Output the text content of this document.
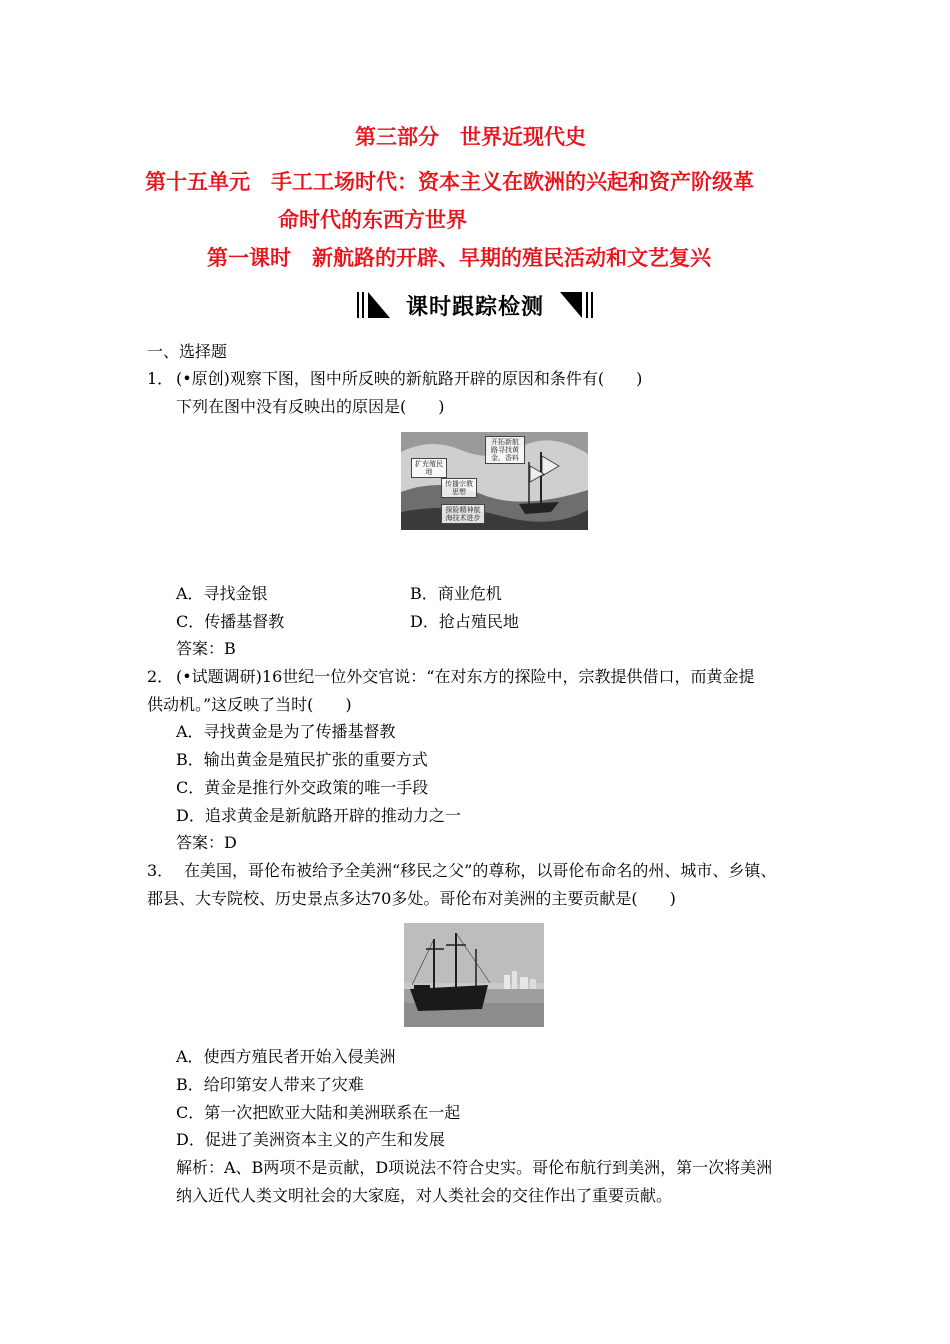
第三部分　世界近现代史
第十五单元　手工工场时代：资本主义在欧洲的兴起和资产阶级革
命时代的东西方世界
第一课时　新航路的开辟、早期的殖民活动和文艺复兴
课时跟踪检测
一、选择题
1． (•原创)观察下图，图中所反映的新航路开辟的原因和条件有(　　)
下列在图中没有反映出的原因是(　　)
开拓新航路寻找黄金、香料
扩充殖民地
传播宗教思想
探险精神航海技术进步
A．寻找金银	B．商业危机
C．传播基督教	D．抢占殖民地
答案：B
2． (•试题调研)16世纪一位外交官说：“在对东方的探险中，宗教提供借口，而黄金提
供动机。”这反映了当时(　　)
A．寻找黄金是为了传播基督教
B．输出黄金是殖民扩张的重要方式
C．黄金是推行外交政策的唯一手段
D．追求黄金是新航路开辟的推动力之一
答案：D
3． 在美国，哥伦布被给予全美洲“移民之父”的尊称，以哥伦布命名的州、城市、乡镇、
郡县、大专院校、历史景点多达70多处。哥伦布对美洲的主要贡献是(　　)
A．使西方殖民者开始入侵美洲
B．给印第安人带来了灾难
C．第一次把欧亚大陆和美洲联系在一起
D．促进了美洲资本主义的产生和发展
解析：A、B两项不是贡献，D项说法不符合史实。哥伦布航行到美洲，第一次将美洲
纳入近代人类文明社会的大家庭，对人类社会的交往作出了重要贡献。
